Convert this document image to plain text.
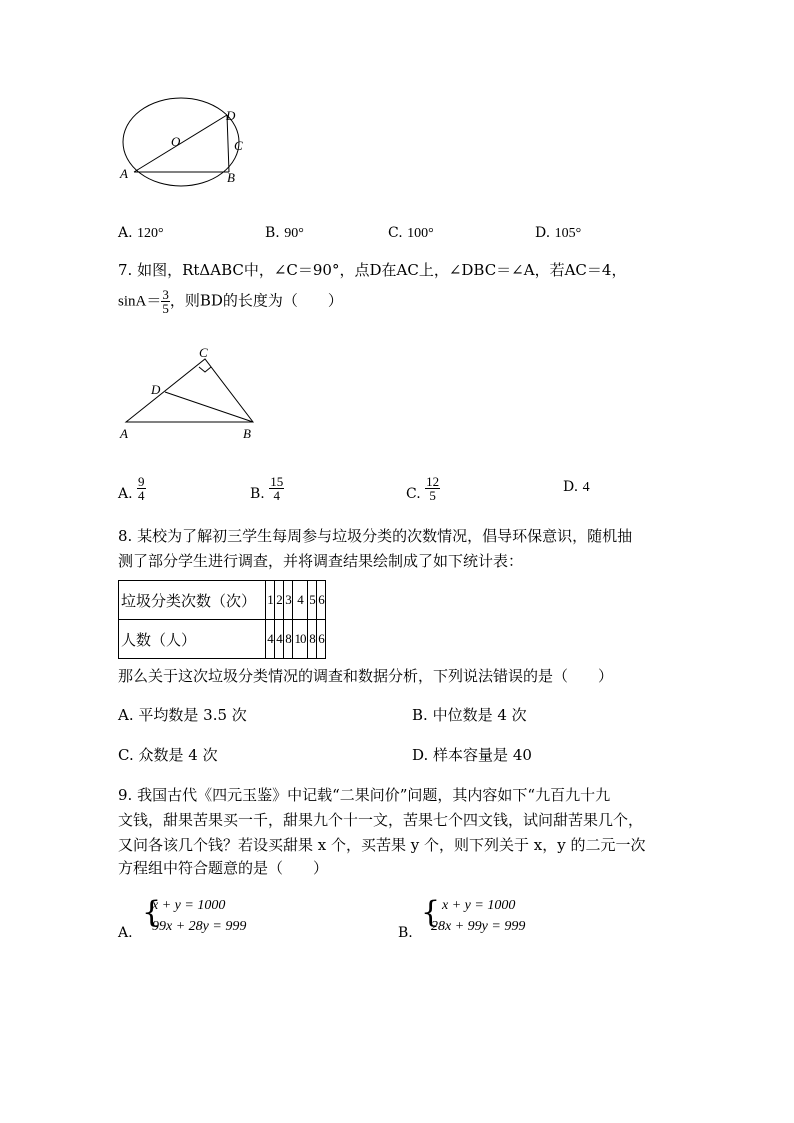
D
O	C
A	B
A. 120°	B. 90°	C. 100°	D. 105°
7. 如图，RtΔABC中，∠C＝90°，点D在AC上，∠DBC＝∠A，若AC＝4，
$\sin A= \frac{3}{5}$ ，则BD的长度为（　　）
C
D
A	B
A. $\frac{9}{4}$	B. $\frac{15}{4}$	C. $\frac{12}{5}$	D. 4
8. 某校为了解初三学生每周参与垃圾分类的次数情况，倡导环保意识，随机抽
测了部分学生进行调查，并将调查结果绘制成了如下统计表：
垃圾分类次数（次）	1	2	3	4	5	6
人数（人）	4	4	8	10	8	6
那么关于这次垃圾分类情况的调查和数据分析，下列说法错误的是（　　）
A. 平均数是 3.5 次	B. 中位数是 4 次
C. 众数是 4 次	D. 样本容量是 40
9. 我国古代《四元玉鉴》中记载“二果问价”问题，其内容如下“九百九十九
文钱，甜果苦果买一千，甜果九个十一文，苦果七个四文钱，试问甜苦果几个，
又问各该几个钱？若设买甜果 x 个，买苦果 y 个，则下列关于 x，y 的二元一次
方程组中符合题意的是（　　）
A.
{
x + y = 1000
99x + 28y = 999	B.
{ x + y = 1000
28x + 99y = 999
